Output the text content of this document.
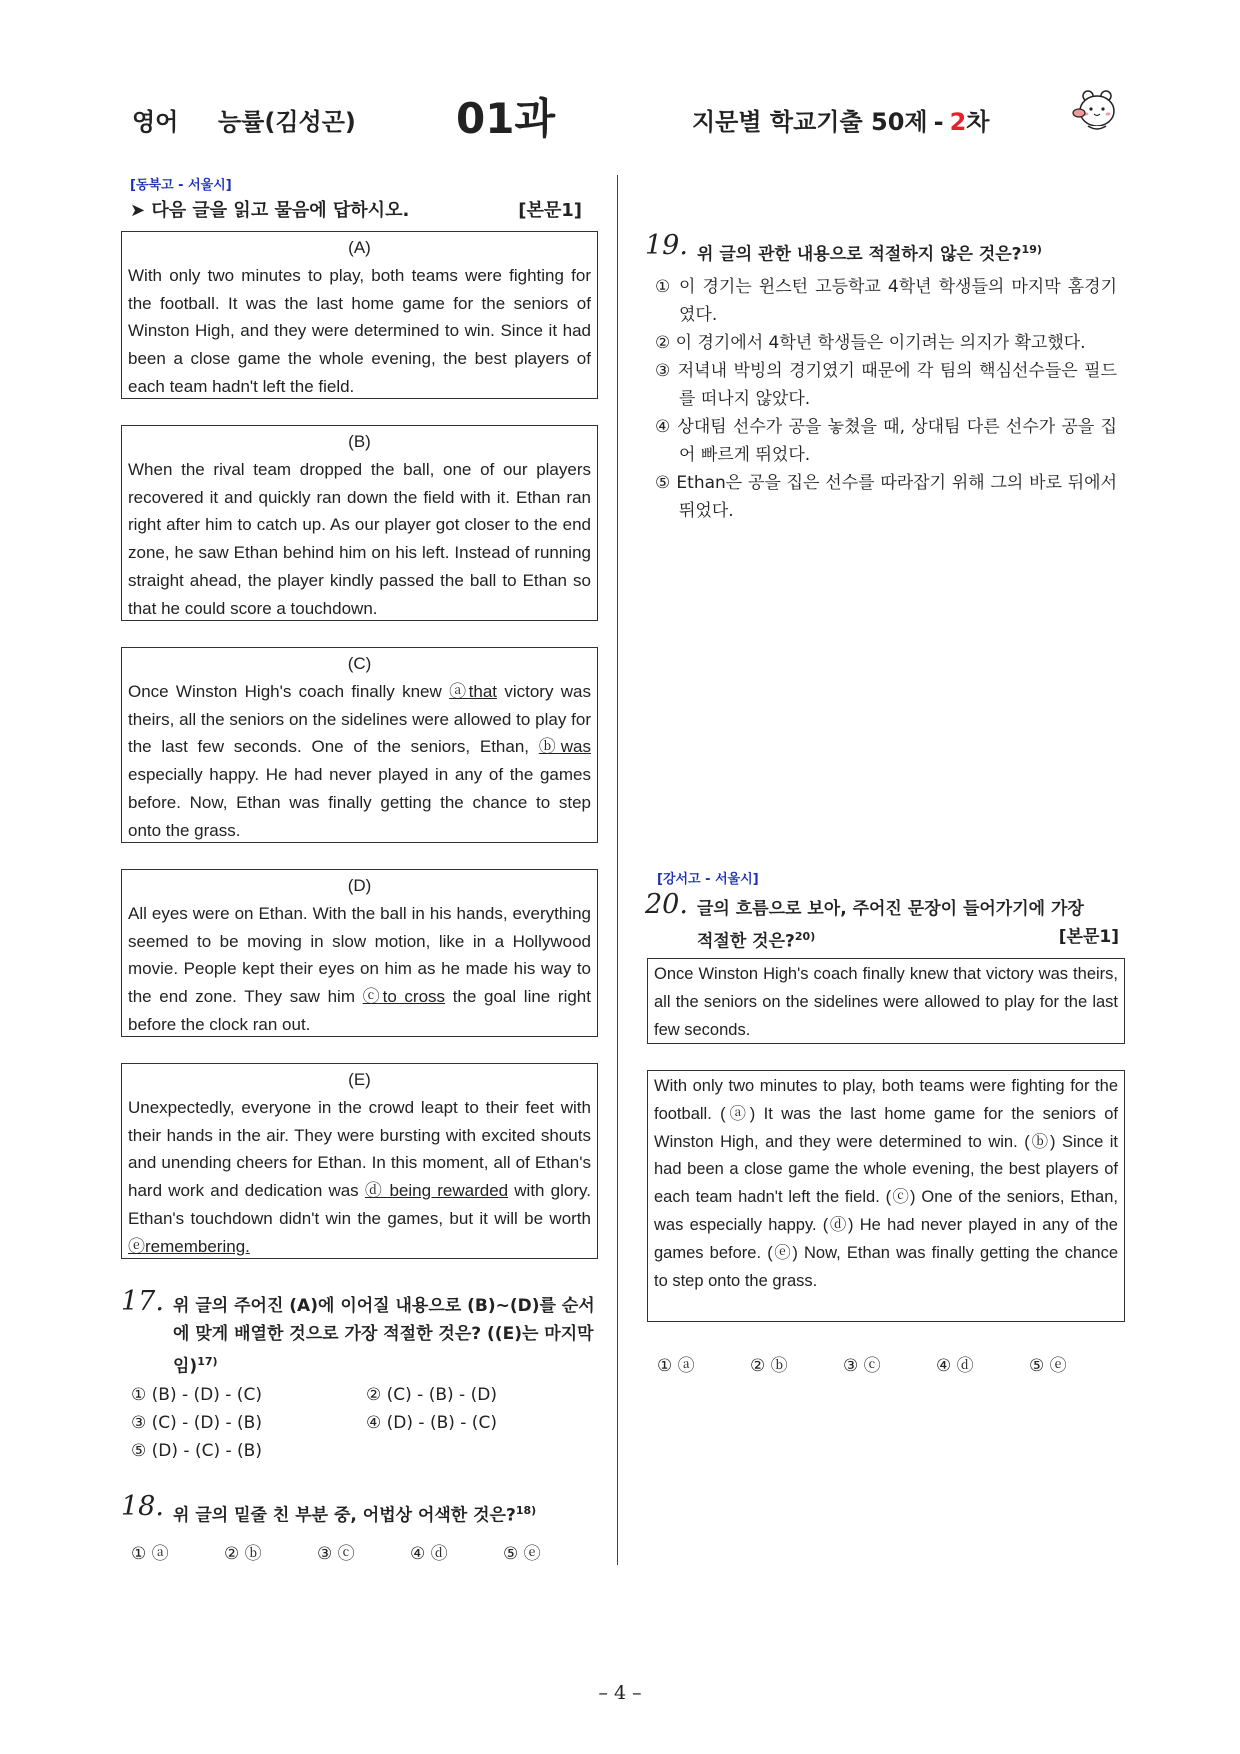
영어 능률(김성곤) 01과	지문별 학교기출 50제 - 2차
[동북고 - 서울시]
➤ 다음 글을 읽고 물음에 답하시오.	[본문1]
(A)
With only two minutes to play, both teams were fighting for the football. It was the last home game for the seniors of Winston High, and they were determined to win. Since it had been a close game the whole evening, the best players of each team hadn't left the field.
(B)
When the rival team dropped the ball, one of our players recovered it and quickly ran down the field with it. Ethan ran right after him to catch up. As our player got closer to the end zone, he saw Ethan behind him on his left. Instead of running straight ahead, the player kindly passed the ball to Ethan so that he could score a touchdown.
(C)
Once Winston High's coach finally knew ⓐthat victory was theirs, all the seniors on the sidelines were allowed to play for the last few seconds. One of the seniors, Ethan, ⓑwas especially happy. He had never played in any of the games before. Now, Ethan was finally getting the chance to step onto the grass.
(D)
All eyes were on Ethan. With the ball in his hands, everything seemed to be moving in slow motion, like in a Hollywood movie. People kept their eyes on him as he made his way to the end zone. They saw him ⓒto cross the goal line right before the clock ran out.
(E)
Unexpectedly, everyone in the crowd leapt to their feet with their hands in the air. They were bursting with excited shouts and unending cheers for Ethan. In this moment, all of Ethan's hard work and dedication was ⓓ being rewarded with glory. Ethan's touchdown didn't win the games, but it will be worth ⓔremembering.
17. 위 글의 주어진 (A)에 이어질 내용으로 (B)~(D)를 순서에 맞게 배열한 것으로 가장 적절한 것은? ((E)는 마지막임)$^{17)}$
① (B) - (D) - (C)	② (C) - (B) - (D)
③ (C) - (D) - (B)	④ (D) - (B) - (C)
⑤ (D) - (C) - (B)
18. 위 글의 밑줄 친 부분 중, 어법상 어색한 것은?$^{18)}$
① ⓐ	② ⓑ	③ ⓒ	④ ⓓ	⑤ ⓔ
19. 위 글의 관한 내용으로 적절하지 않은 것은?$^{19)}$
① 이 경기는 윈스턴 고등학교 4학년 학생들의 마지막 홈경기였다.
② 이 경기에서 4학년 학생들은 이기려는 의지가 확고했다.
③ 저녁내 박빙의 경기였기 때문에 각 팀의 핵심선수들은 필드를 떠나지 않았다.
④ 상대팀 선수가 공을 놓쳤을 때, 상대팀 다른 선수가 공을 집어 빠르게 뛰었다.
⑤ Ethan은 공을 집은 선수를 따라잡기 위해 그의 바로 뒤에서 뛰었다.
[강서고 - 서울시]
20. 글의 흐름으로 보아, 주어진 문장이 들어가기에 가장
적절한 것은?$^{20)}$	[본문1]
Once Winston High's coach finally knew that victory was theirs, all the seniors on the sidelines were allowed to play for the last few seconds.
With only two minutes to play, both teams were fighting for the football. (ⓐ) It was the last home game for the seniors of Winston High, and they were determined to win. (ⓑ) Since it had been a close game the whole evening, the best players of each team hadn't left the field. (ⓒ) One of the seniors, Ethan, was especially happy. (ⓓ) He had never played in any of the games before. (ⓔ) Now, Ethan was finally getting the chance to step onto the grass.
① ⓐ	② ⓑ	③ ⓒ	④ ⓓ	⑤ ⓔ
– 4 –
